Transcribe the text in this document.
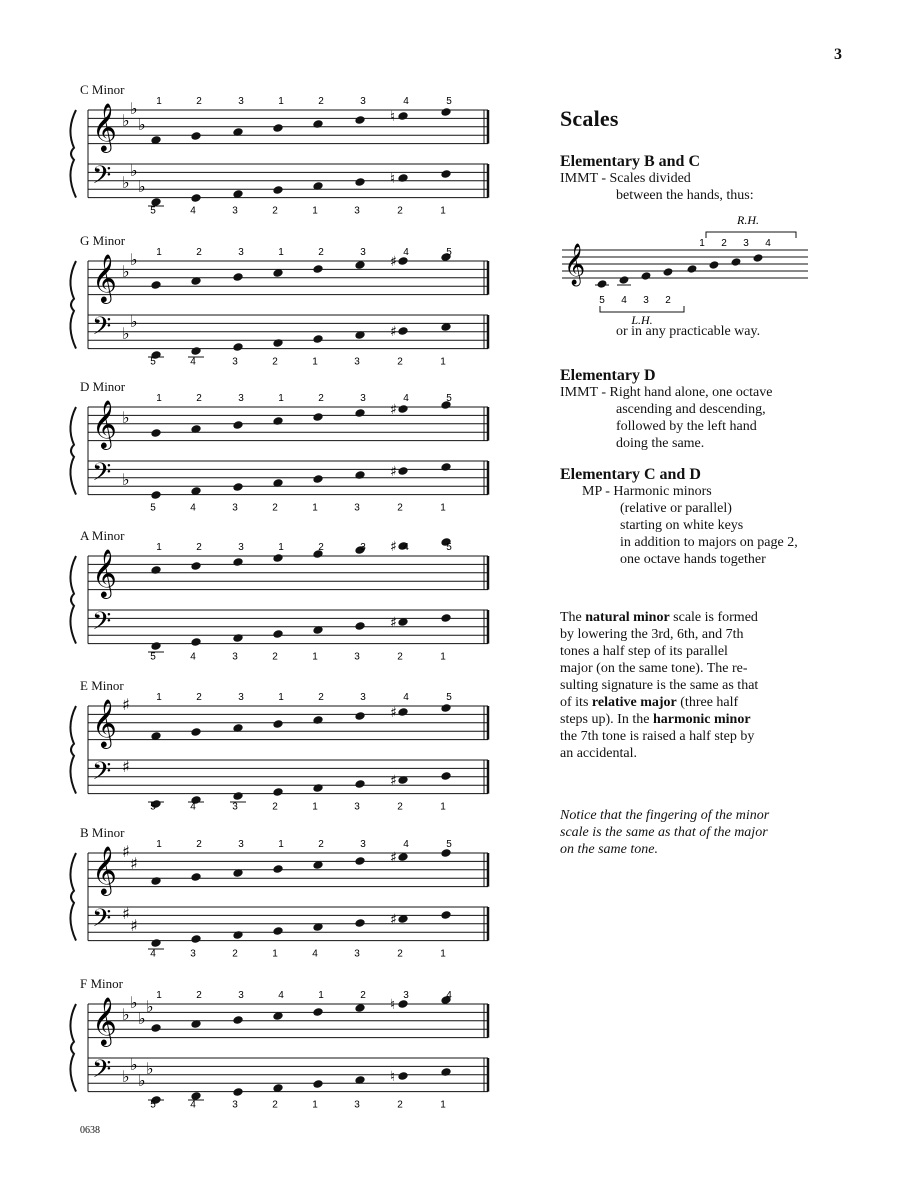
3
C Minor
𝄞
𝄢
♭
♭
♭
♭
♭
♭
1
5
2
4
3
3
1
2
2
1
3
3
♮
♮
4
2
5
1
G Minor
𝄞
𝄢
♭
♭
♭
♭
1
5
2
4
3
3
1
2
2
1
3
3
♯
♯
4
2
5
1
D Minor
𝄞
𝄢
♭
♭
1
5
2
4
3
3
1
2
2
1
3
3
♯
♯
4
2
5
1
A Minor
𝄞
𝄢
1
5
2
4
3
3
1
2
2
1
3
3
♯
♯
4
2
5
1
E Minor
𝄞
𝄢
♯
♯
1
5
2
4
3
3
1
2
2
1
3
3
♯
♯
4
2
5
1
B Minor
𝄞
𝄢
♯
♯
♯
♯
1
4
2
3
3
2
1
1
2
4
3
3
♯
♯
4
2
5
1
F Minor
𝄞
𝄢
♭
♭
♭
♭
♭
♭
♭
♭
1
5
2
4
3
3
4
2
1
1
2
3
♮
♮
3
2
4
1
0638
Scales
Elementary B and C
IMMT - Scales divided
between the hands, thus:
𝄞
1 2 3 4
5 4 3 2
R.H.
L.H.
or in any practicable way.
Elementary D
IMMT - Right hand alone, one octave
ascending and descending,
followed by the left hand
doing the same.
Elementary C and D
MP - Harmonic minors
(relative or parallel)
starting on white keys
in addition to majors on page 2,
one octave hands together
The natural minor scale is formed
by lowering the 3rd, 6th, and 7th
tones a half step of its parallel
major (on the same tone). The re-
sulting signature is the same as that
of its relative major (three half
steps up). In the harmonic minor
the 7th tone is raised a half step by
an accidental.
Notice that the fingering of the minor
scale is the same as that of the major
on the same tone.
